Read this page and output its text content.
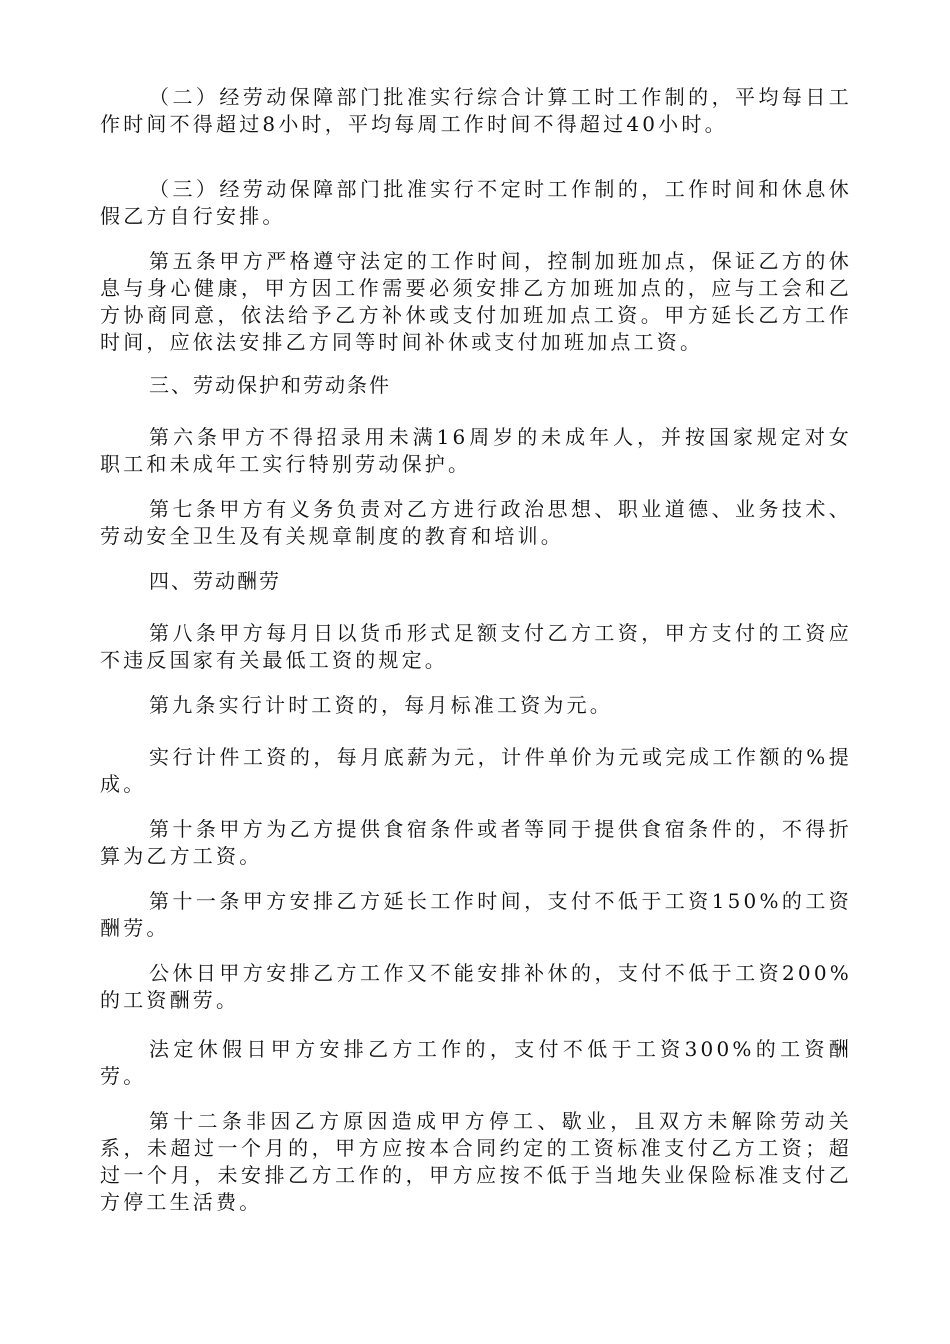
（二）经劳动保障部门批准实行综合计算工时工作制的，平均每日工作时间不得超过8小时，平均每周工作时间不得超过40小时。

（三）经劳动保障部门批准实行不定时工作制的，工作时间和休息休假乙方自行安排。

第五条甲方严格遵守法定的工作时间，控制加班加点，保证乙方的休息与身心健康，甲方因工作需要必须安排乙方加班加点的，应与工会和乙方协商同意，依法给予乙方补休或支付加班加点工资。甲方延长乙方工作时间，应依法安排乙方同等时间补休或支付加班加点工资。

三、劳动保护和劳动条件

第六条甲方不得招录用未满16周岁的未成年人，并按国家规定对女职工和未成年工实行特别劳动保护。

第七条甲方有义务负责对乙方进行政治思想、职业道德、业务技术、劳动安全卫生及有关规章制度的教育和培训。

四、劳动酬劳

第八条甲方每月日以货币形式足额支付乙方工资，甲方支付的工资应不违反国家有关最低工资的规定。

第九条实行计时工资的，每月标准工资为元。

实行计件工资的，每月底薪为元，计件单价为元或完成工作额的%提成。

第十条甲方为乙方提供食宿条件或者等同于提供食宿条件的，不得折算为乙方工资。

第十一条甲方安排乙方延长工作时间，支付不低于工资150%的工资酬劳。

公休日甲方安排乙方工作又不能安排补休的，支付不低于工资200%的工资酬劳。

法定休假日甲方安排乙方工作的，支付不低于工资300%的工资酬劳。

第十二条非因乙方原因造成甲方停工、歇业，且双方未解除劳动关系，未超过一个月的，甲方应按本合同约定的工资标准支付乙方工资；超过一个月，未安排乙方工作的，甲方应按不低于当地失业保险标准支付乙方停工生活费。
